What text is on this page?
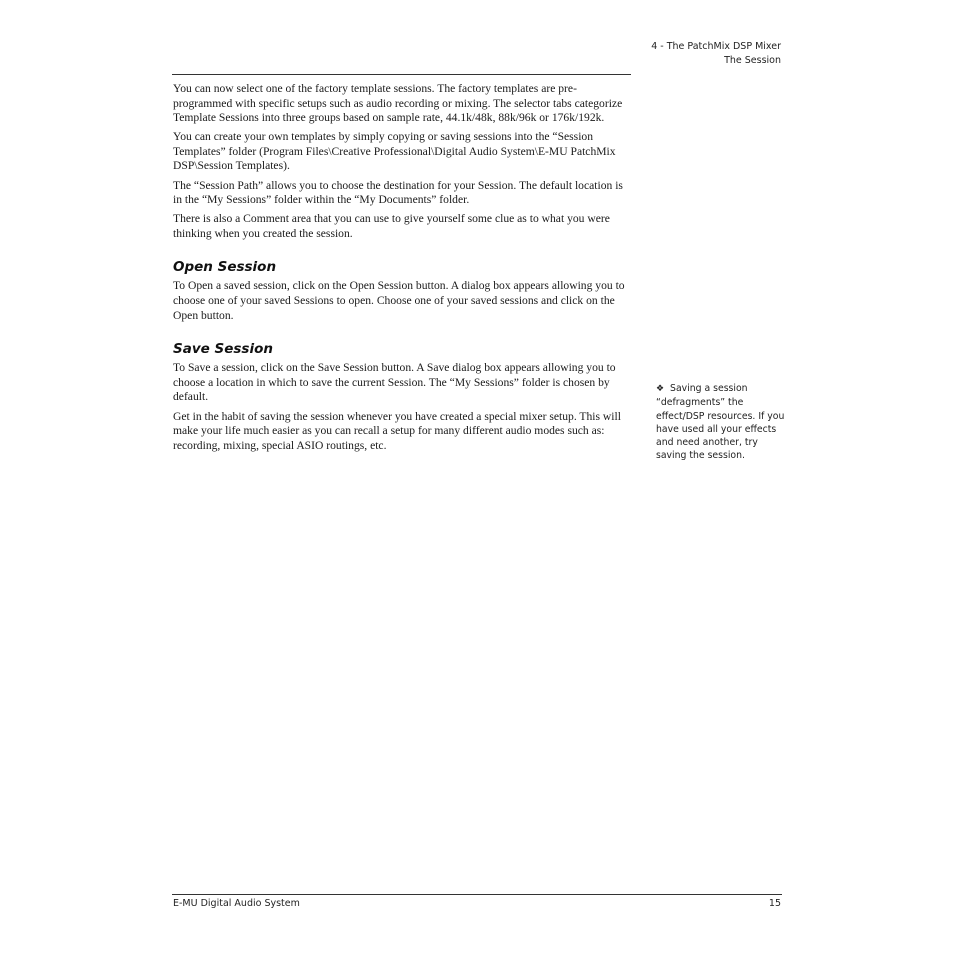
4 - The PatchMix DSP Mixer
The Session

You can now select one of the factory template sessions. The factory templates are pre-programmed with specific setups such as audio recording or mixing. The selector tabs categorize Template Sessions into three groups based on sample rate, 44.1k/48k, 88k/96k or 176k/192k.

You can create your own templates by simply copying or saving sessions into the “Session Templates” folder (Program Files\Creative Professional\Digital Audio System\E-MU PatchMix DSP\Session Templates).

The “Session Path” allows you to choose the destination for your Session. The default location is in the “My Sessions” folder within the “My Documents” folder.

There is also a Comment area that you can use to give yourself some clue as to what you were thinking when you created the session.

Open Session

To Open a saved session, click on the Open Session button. A dialog box appears allowing you to choose one of your saved Sessions to open. Choose one of your saved sessions and click on the Open button.

Save Session

To Save a session, click on the Save Session button. A Save dialog box appears allowing you to choose a location in which to save the current Session. The “My Sessions” folder is chosen by default.

Get in the habit of saving the session whenever you have created a special mixer setup. This will make your life much easier as you can recall a setup for many different audio modes such as: recording, mixing, special ASIO routings, etc.

❖ Saving a session “defragments” the effect/DSP resources. If you have used all your effects and need another, try saving the session.
E-MU Digital Audio System	15
